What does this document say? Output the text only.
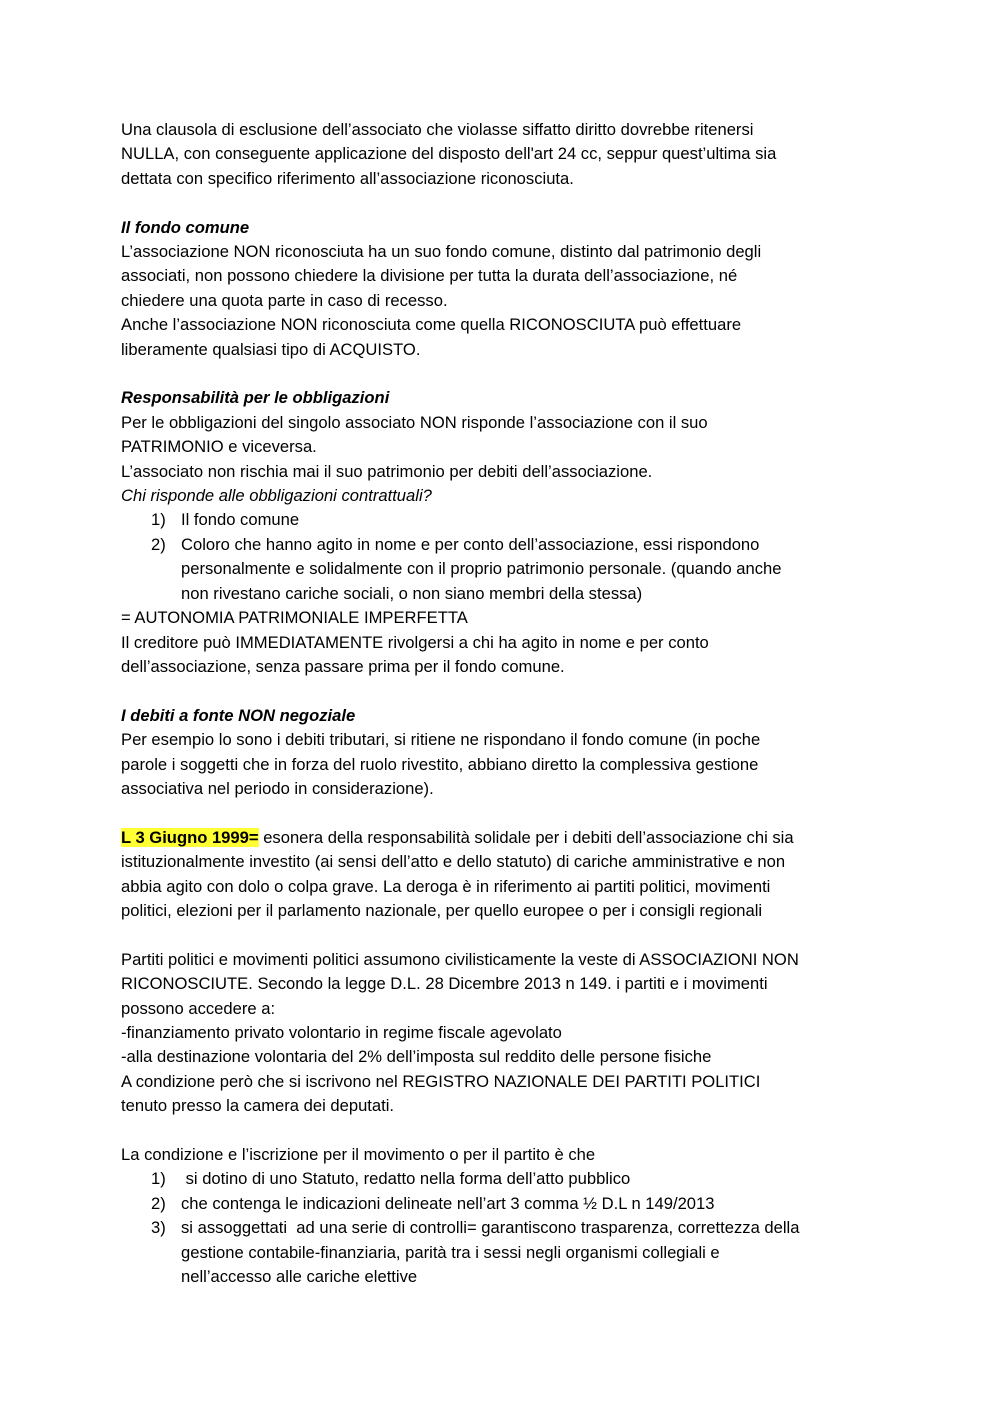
Una clausola di esclusione dell’associato che violasse siffatto diritto dovrebbe ritenersi

NULLA, con conseguente applicazione del disposto dell'art 24 cc, seppur quest’ultima sia

dettata con specifico riferimento all’associazione riconosciuta.

Il fondo comune

L’associazione NON riconosciuta ha un suo fondo comune, distinto dal patrimonio degli

associati, non possono chiedere la divisione per tutta la durata dell’associazione, né

chiedere una quota parte in caso di recesso.

Anche l’associazione NON riconosciuta come quella RICONOSCIUTA può effettuare

liberamente qualsiasi tipo di ACQUISTO.

Responsabilità per le obbligazioni

Per le obbligazioni del singolo associato NON risponde l’associazione con il suo

PATRIMONIO e viceversa.

L’associato non rischia mai il suo patrimonio per debiti dell’associazione.

Chi risponde alle obbligazioni contrattuali?

1) Il fondo comune
2) Coloro che hanno agito in nome e per conto dell’associazione, essi rispondono
personalmente e solidalmente con il proprio patrimonio personale. (quando anche
non rivestano cariche sociali, o non siano membri della stessa)

= AUTONOMIA PATRIMONIALE IMPERFETTA

Il creditore può IMMEDIATAMENTE rivolgersi a chi ha agito in nome e per conto

dell’associazione, senza passare prima per il fondo comune.

I debiti a fonte NON negoziale

Per esempio lo sono i debiti tributari, si ritiene ne rispondano il fondo comune (in poche

parole i soggetti che in forza del ruolo rivestito, abbiano diretto la complessiva gestione

associativa nel periodo in considerazione).

L 3 Giugno 1999= esonera della responsabilità solidale per i debiti dell’associazione chi sia

istituzionalmente investito (ai sensi dell’atto e dello statuto) di cariche amministrative e non

abbia agito con dolo o colpa grave. La deroga è in riferimento ai partiti politici, movimenti

politici, elezioni per il parlamento nazionale, per quello europee o per i consigli regionali

Partiti politici e movimenti politici assumono civilisticamente la veste di ASSOCIAZIONI NON

RICONOSCIUTE. Secondo la legge D.L. 28 Dicembre 2013 n 149. i partiti e i movimenti

possono accedere a:

-finanziamento privato volontario in regime fiscale agevolato

-alla destinazione volontaria del 2% dell’imposta sul reddito delle persone fisiche

A condizione però che si iscrivono nel REGISTRO NAZIONALE DEI PARTITI POLITICI

tenuto presso la camera dei deputati.

La condizione e l’iscrizione per il movimento o per il partito è che

1) si dotino di uno Statuto, redatto nella forma dell’atto pubblico
2) che contenga le indicazioni delineate nell’art 3 comma ½ D.L n 149/2013
3) si assoggettati  ad una serie di controlli= garantiscono trasparenza, correttezza della
gestione contabile-finanziaria, parità tra i sessi negli organismi collegiali e
nell’accesso alle cariche elettive
